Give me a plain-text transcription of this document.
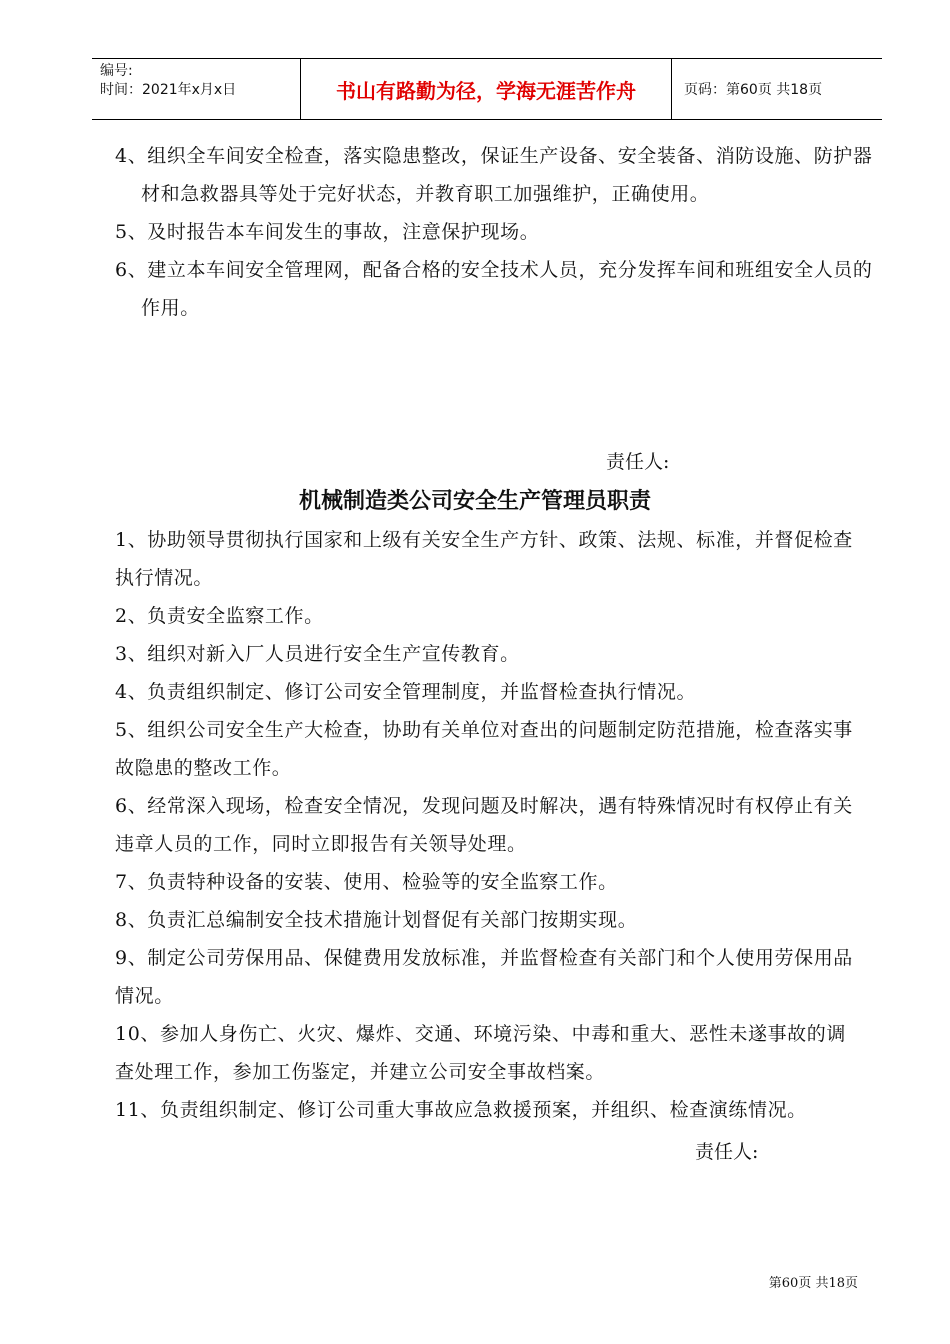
编号:
时间：2021年x月x日	书山有路勤为径，学海无涯苦作舟	页码：第60页 共18页
4、组织全车间安全检查，落实隐患整改，保证生产设备、安全装备、消防设施、防护器材和急救器具等处于完好状态，并教育职工加强维护，正确使用。
5、及时报告本车间发生的事故，注意保护现场。
6、建立本车间安全管理网，配备合格的安全技术人员，充分发挥车间和班组安全人员的作用。
责任人:
机械制造类公司安全生产管理员职责
1、协助领导贯彻执行国家和上级有关安全生产方针、政策、法规、标准，并督促检查执行情况。
2、负责安全监察工作。
3、组织对新入厂人员进行安全生产宣传教育。
4、负责组织制定、修订公司安全管理制度，并监督检查执行情况。
5、组织公司安全生产大检查，协助有关单位对查出的问题制定防范措施，检查落实事故隐患的整改工作。
6、经常深入现场，检查安全情况，发现问题及时解决，遇有特殊情况时有权停止有关违章人员的工作，同时立即报告有关领导处理。
7、负责特种设备的安装、使用、检验等的安全监察工作。
8、负责汇总编制安全技术措施计划督促有关部门按期实现。
9、制定公司劳保用品、保健费用发放标准，并监督检查有关部门和个人使用劳保用品情况。
10、参加人身伤亡、火灾、爆炸、交通、环境污染、中毒和重大、恶性未遂事故的调查处理工作，参加工伤鉴定，并建立公司安全事故档案。
11、负责组织制定、修订公司重大事故应急救援预案，并组织、检查演练情况。
责任人:
第60页 共18页
